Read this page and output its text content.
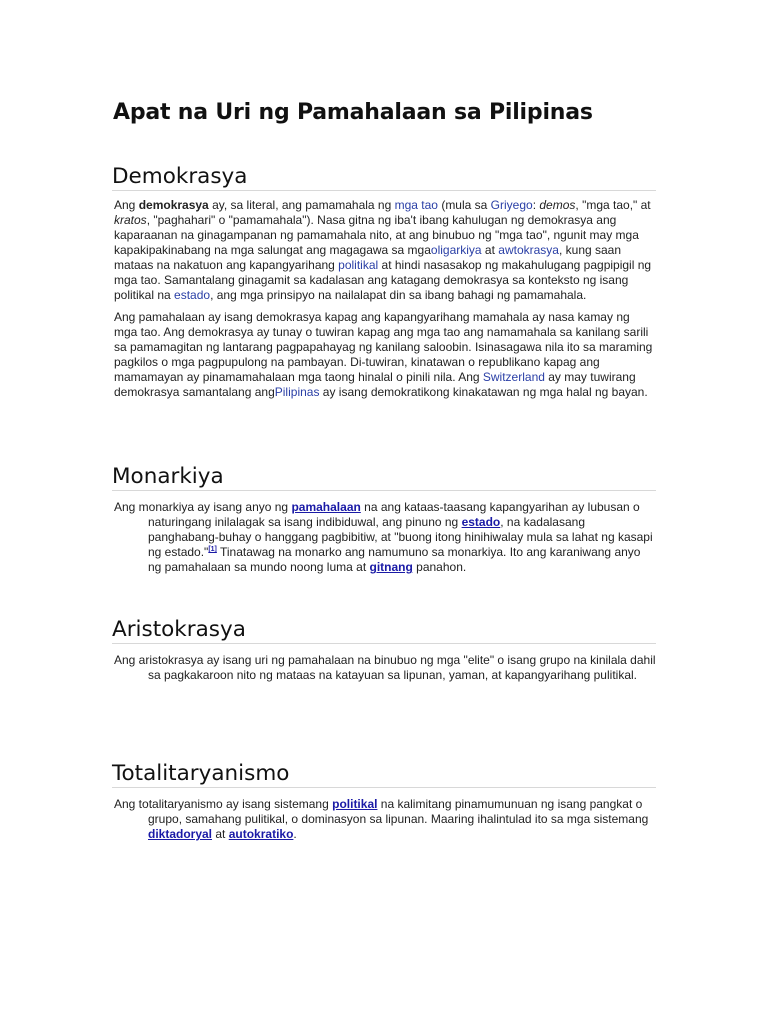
Apat na Uri ng Pamahalaan sa Pilipinas
Demokrasya

Ang demokrasya ay, sa literal, ang pamamahala ng mga tao (mula sa Griyego: demos, "mga tao," at kratos, "paghahari" o "pamamahala"). Nasa gitna ng iba't ibang kahulugan ng demokrasya ang kaparaanan na ginagampanan ng pamamahala nito, at ang binubuo ng "mga tao", ngunit may mga kapakipakinabang na mga salungat ang magagawa sa mgaoligarkiya at awtokrasya, kung saan mataas na nakatuon ang kapangyarihang politikal at hindi nasasakop ng makahulugang pagpipigil ng mga tao. Samantalang ginagamit sa kadalasan ang katagang demokrasya sa konteksto ng isang politikal na estado, ang mga prinsipyo na nailalapat din sa ibang bahagi ng pamamahala.

Ang pamahalaan ay isang demokrasya kapag ang kapangyarihang mamahala ay nasa kamay ng mga tao. Ang demokrasya ay tunay o tuwiran kapag ang mga tao ang namamahala sa kanilang sarili sa pamamagitan ng lantarang pagpapahayag ng kanilang saloobin. Isinasagawa nila ito sa maraming pagkilos o mga pagpupulong na pambayan. Di-tuwiran, kinatawan o republikano kapag ang mamamayan ay pinamamahalaan mga taong hinalal o pinili nila. Ang Switzerland ay may tuwirang demokrasya samantalang angPilipinas ay isang demokratikong kinakatawan ng mga halal ng bayan.

Monarkiya

Ang monarkiya ay isang anyo ng pamahalaan na ang kataas-taasang kapangyarihan ay lubusan o naturingang inilalagak sa isang indibiduwal, ang pinuno ng estado, na kadalasang panghabang-buhay o hanggang pagbibitiw, at "buong itong hinihiwalay mula sa lahat ng kasapi ng estado."[1] Tinatawag na monarko ang namumuno sa monarkiya. Ito ang karaniwang anyo ng pamahalaan sa mundo noong luma at gitnang panahon.

Aristokrasya

Ang aristokrasya ay isang uri ng pamahalaan na binubuo ng mga "elite" o isang grupo na kinilala dahil sa pagkakaroon nito ng mataas na katayuan sa lipunan, yaman, at kapangyarihang pulitikal.

Totalitaryanismo

Ang totalitaryanismo ay isang sistemang politikal na kalimitang pinamumunuan ng isang pangkat o grupo, samahang pulitikal, o dominasyon sa lipunan. Maaring ihalintulad ito sa mga sistemang diktadoryal at autokratiko.
